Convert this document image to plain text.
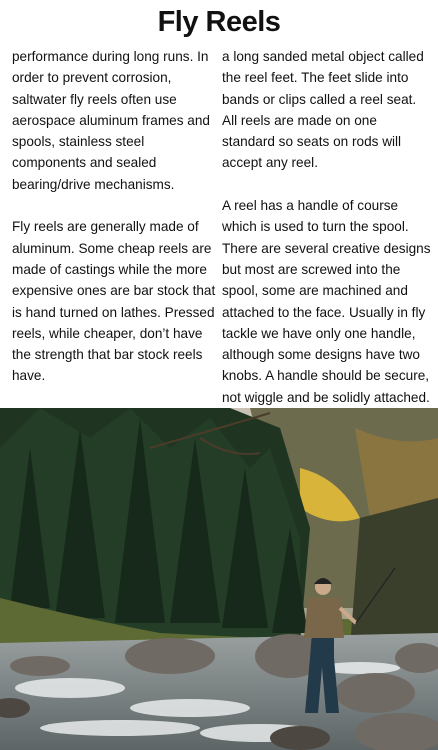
Fly Reels

performance during long runs. In order to prevent corrosion, saltwater fly reels often use aerospace aluminum frames and spools, stainless steel components and sealed bearing/drive mechanisms.

Fly reels are generally made of aluminum. Some cheap reels are made of castings while the more expensive ones are bar stock that is hand turned on lathes. Pressed reels, while cheaper, don’t have the strength that bar stock reels have.

a long sanded metal object called the reel feet. The feet slide into bands or clips called a reel seat. All reels are made on one standard so seats on rods will accept any reel.

A reel has a handle of course which is used to turn the spool. There are several creative designs but most are screwed into the spool, some are machined and attached to the face. Usually in fly tackle we have only one handle, although some designs have two knobs. A handle should be secure, not wiggle and be solidly attached.
